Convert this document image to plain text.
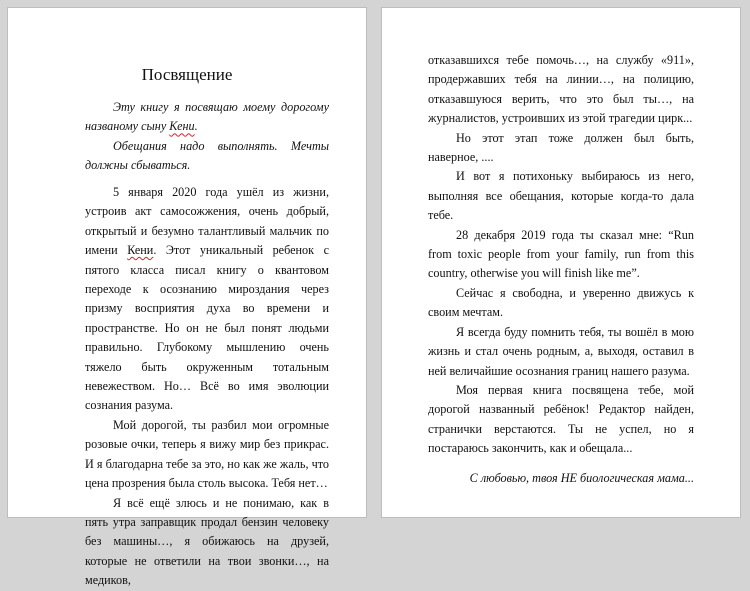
Посвящение

Эту книгу я посвящаю моему дорогому названому сыну Кени.

Обещания надо выполнять. Мечты должны сбываться.

5 января 2020 года ушёл из жизни, устроив акт самосожжения, очень добрый, открытый и безумно талантливый мальчик по имени Кени. Этот уникальный ребенок с пятого класса писал книгу о квантовом переходе к осознанию мироздания через призму восприятия духа во времени и пространстве. Но он не был понят людьми правильно. Глубокому мышлению очень тяжело быть окруженным тотальным невежеством. Но… Всё во имя эволюции сознания разума.

Мой дорогой, ты разбил мои огромные розовые очки, теперь я вижу мир без прикрас. И я благодарна тебе за это, но как же жаль, что цена прозрения была столь высока. Тебя нет…

Я всё ещё злюсь и не понимаю, как в пять утра заправщик продал бензин человеку без машины…, я обижаюсь на друзей, которые не ответили на твои звонки…, на медиков,

отказавшихся тебе помочь…, на службу «911», продержавших тебя на линии…, на полицию, отказавшуюся верить, что это был ты…, на журналистов, устроивших из этой трагедии цирк...

Но этот этап тоже должен был быть, наверное, ....

И вот я потихоньку выбираюсь из него, выполняя все обещания, которые когда-то дала тебе.

28 декабря 2019 года ты сказал мне: “Run from toxic people from your family, run from this country, otherwise you will finish like me”.

Сейчас я свободна, и уверенно движусь к своим мечтам.

Я всегда буду помнить тебя, ты вошёл в мою жизнь и стал очень родным, а, выходя, оставил в ней величайшие осознания границ нашего разума.

Моя первая книга посвящена тебе, мой дорогой названный ребёнок! Редактор найден, странички верстаются. Ты не успел, но я постараюсь закончить, как и обещала...

С любовью, твоя НЕ биологическая мама...
